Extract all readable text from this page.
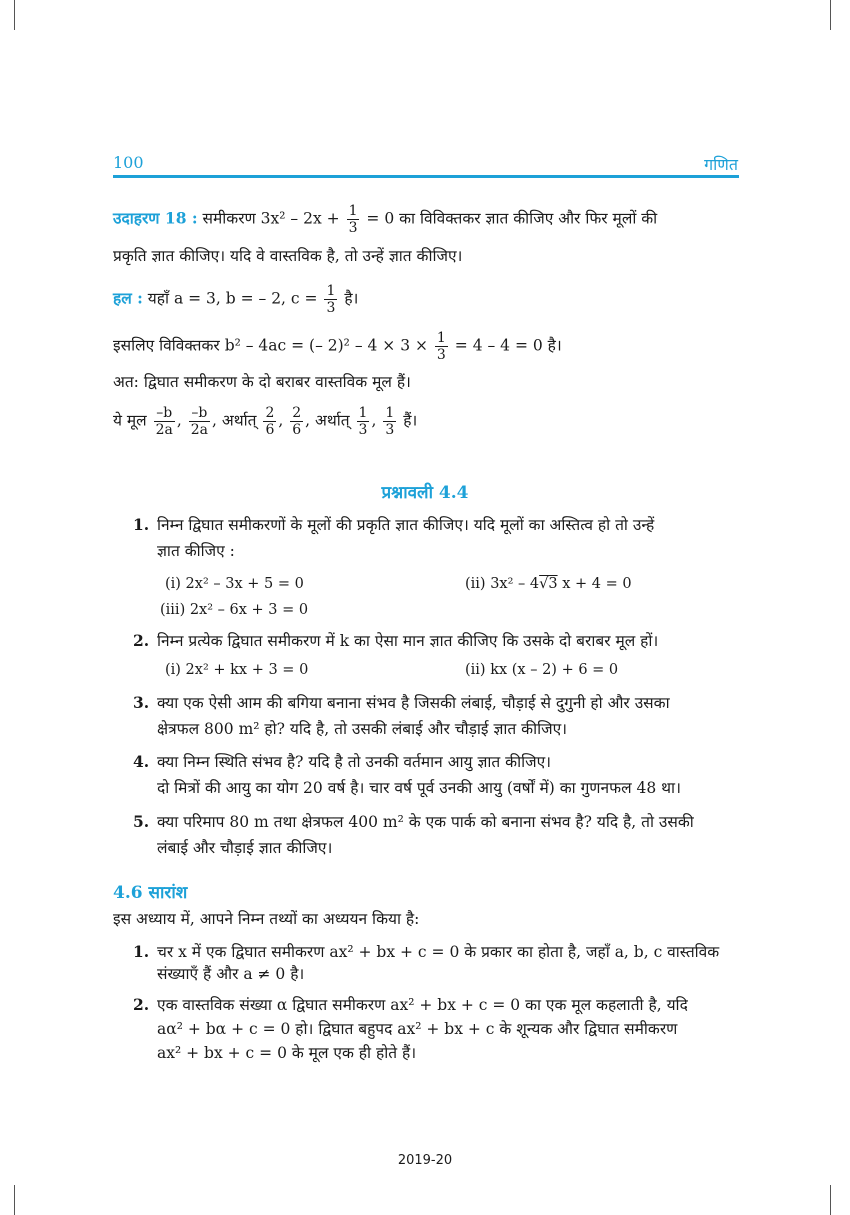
100	गणित
उदाहरण 18 : समीकरण $3x^2 - 2x + \frac{1}{3} = 0$ का विविक्तकर ज्ञात कीजिए और फिर मूलों की
प्रकृति ज्ञात कीजिए। यदि वे वास्तविक है, तो उन्हें ज्ञात कीजिए।
हल : यहाँ a = 3, b = – 2, $c = \frac{1}{3}$ है।
इसलिए विविक्तकर b² – 4ac = (– $2)^2 - 4 \times 3 \times \frac{1}{3} = 4 - 4 = 0$ है।
अत: द्विघात समीकरण के दो बराबर वास्तविक मूल हैं।
ये मूल $\frac{-b}{2a}$ , $\frac{-b}{2a}$ , अर्थात् $\frac{2}{6}$ , $\frac{2}{6}$ , अर्थात् $\frac{1}{3}$ , $\frac{1}{3}$ हैं।
प्रश्नावली 4.4
1. निम्न द्विघात समीकरणों के मूलों की प्रकृति ज्ञात कीजिए। यदि मूलों का अस्तित्व हो तो उन्हें
ज्ञात कीजिए :
(i) 2x² – 3x + 5 = 0	(ii) 3x² – 4√3 x + 4 = 0
(iii) 2x² – 6x + 3 = 0
2. निम्न प्रत्येक द्विघात समीकरण में k का ऐसा मान ज्ञात कीजिए कि उसके दो बराबर मूल हों।
(i) 2x² + kx + 3 = 0	(ii) kx (x – 2) + 6 = 0
3. क्या एक ऐसी आम की बगिया बनाना संभव है जिसकी लंबाई, चौड़ाई से दुगुनी हो और उसका
क्षेत्रफल 800 m² हो? यदि है, तो उसकी लंबाई और चौड़ाई ज्ञात कीजिए।
4. क्या निम्न स्थिति संभव है? यदि है तो उनकी वर्तमान आयु ज्ञात कीजिए।
दो मित्रों की आयु का योग 20 वर्ष है। चार वर्ष पूर्व उनकी आयु (वर्षों में) का गुणनफल 48 था।
5. क्या परिमाप 80 m तथा क्षेत्रफल 400 m² के एक पार्क को बनाना संभव है? यदि है, तो उसकी
लंबाई और चौड़ाई ज्ञात कीजिए।
4.6 सारांश
इस अध्याय में, आपने निम्न तथ्यों का अध्ययन किया है:
1. चर x में एक द्विघात समीकरण ax² + bx + c = 0 के प्रकार का होता है, जहाँ a, b, c वास्तविक
संख्याएँ हैं और a ≠ 0 है।
2. एक वास्तविक संख्या α द्विघात समीकरण ax² + bx + c = 0 का एक मूल कहलाती है, यदि
aα² + bα + c = 0 हो। द्विघात बहुपद ax² + bx + c के शून्यक और द्विघात समीकरण
ax² + bx + c = 0 के मूल एक ही होते हैं।
2019-20
